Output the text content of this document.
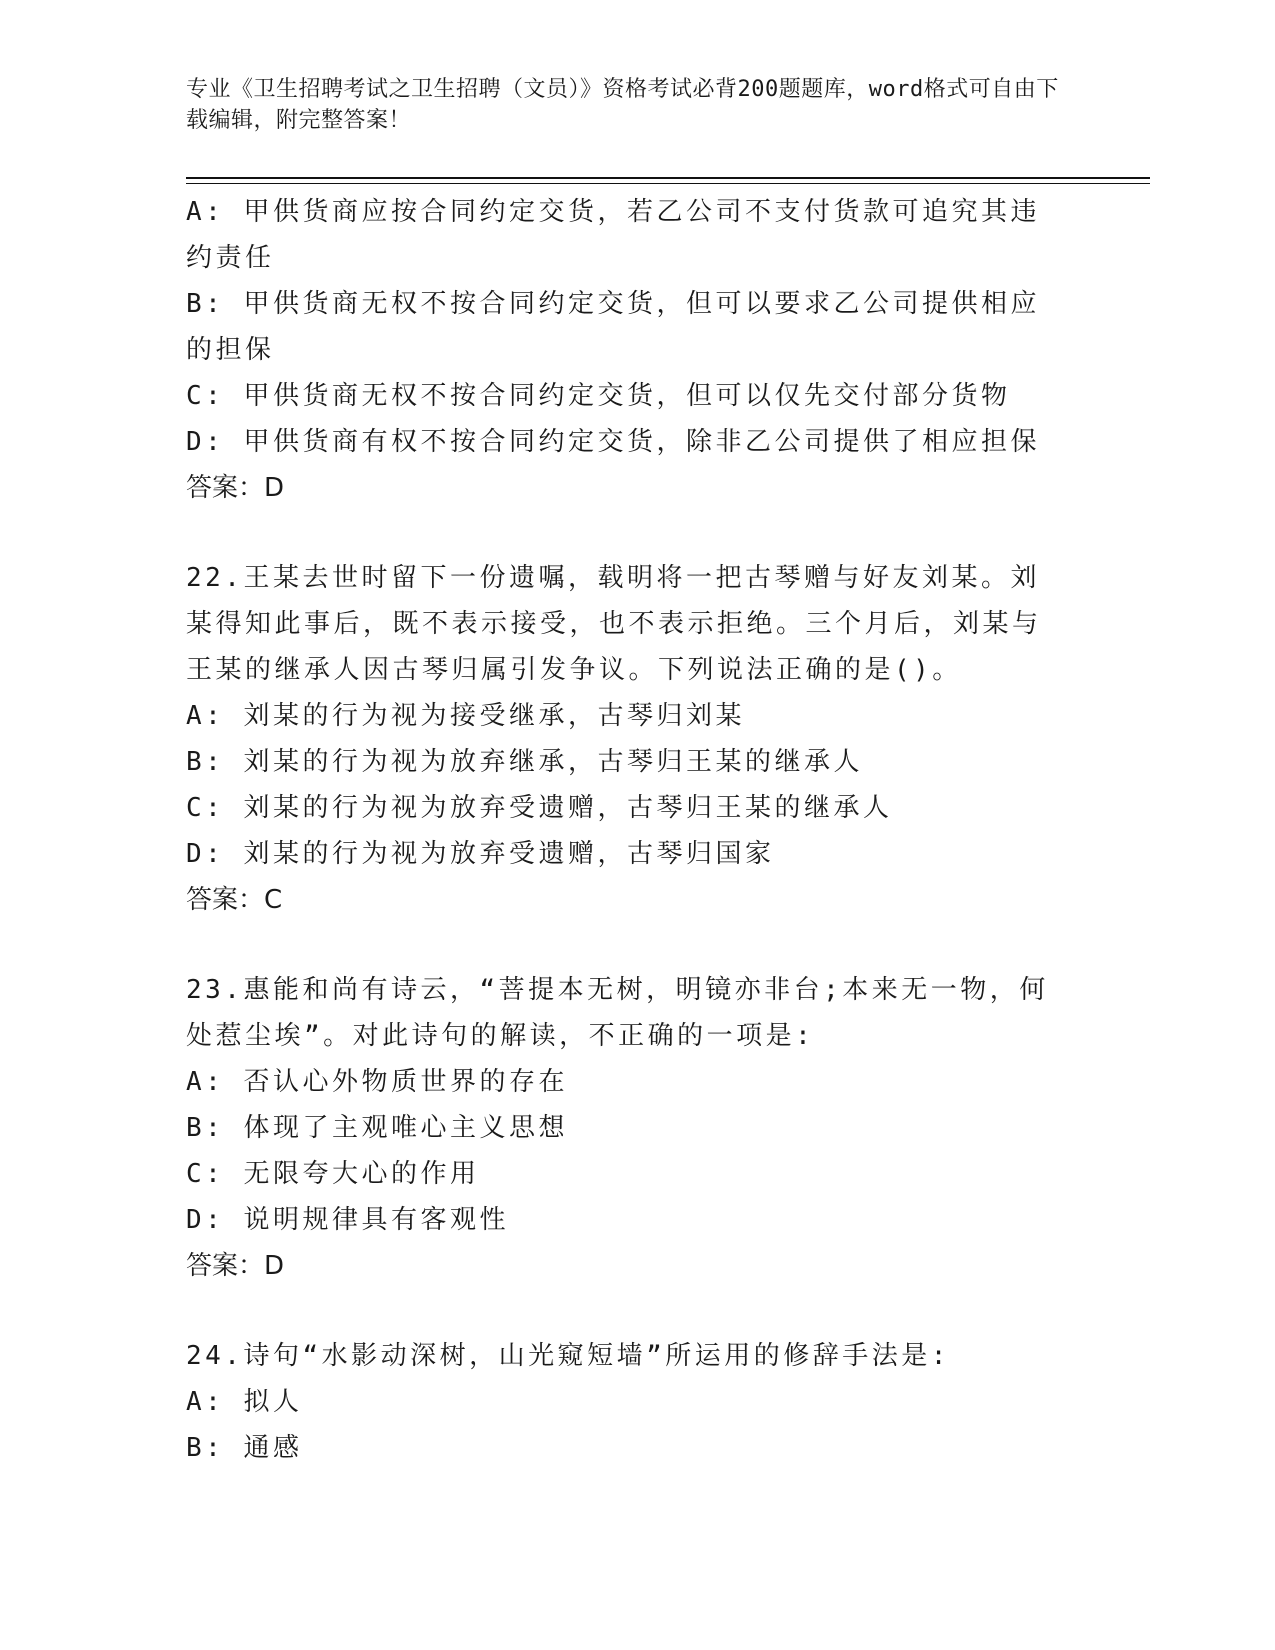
专业《卫生招聘考试之卫生招聘（文员）》资格考试必背200题题库，word格式可自由下载编辑，附完整答案！

A: 甲供货商应按合同约定交货，若乙公司不支付货款可追究其违约责任

B: 甲供货商无权不按合同约定交货，但可以要求乙公司提供相应的担保

C: 甲供货商无权不按合同约定交货，但可以仅先交付部分货物

D: 甲供货商有权不按合同约定交货，除非乙公司提供了相应担保

答案：D

22.王某去世时留下一份遗嘱，载明将一把古琴赠与好友刘某。刘某得知此事后，既不表示接受，也不表示拒绝。三个月后，刘某与王某的继承人因古琴归属引发争议。下列说法正确的是()。

A: 刘某的行为视为接受继承，古琴归刘某

B: 刘某的行为视为放弃继承，古琴归王某的继承人

C: 刘某的行为视为放弃受遗赠，古琴归王某的继承人

D: 刘某的行为视为放弃受遗赠，古琴归国家

答案：C

23.惠能和尚有诗云，“菩提本无树，明镜亦非台;本来无一物，何处惹尘埃”。对此诗句的解读，不正确的一项是:

A: 否认心外物质世界的存在

B: 体现了主观唯心主义思想

C: 无限夸大心的作用

D: 说明规律具有客观性

答案：D

24.诗句“水影动深树，山光窥短墙”所运用的修辞手法是:

A: 拟人

B: 通感
